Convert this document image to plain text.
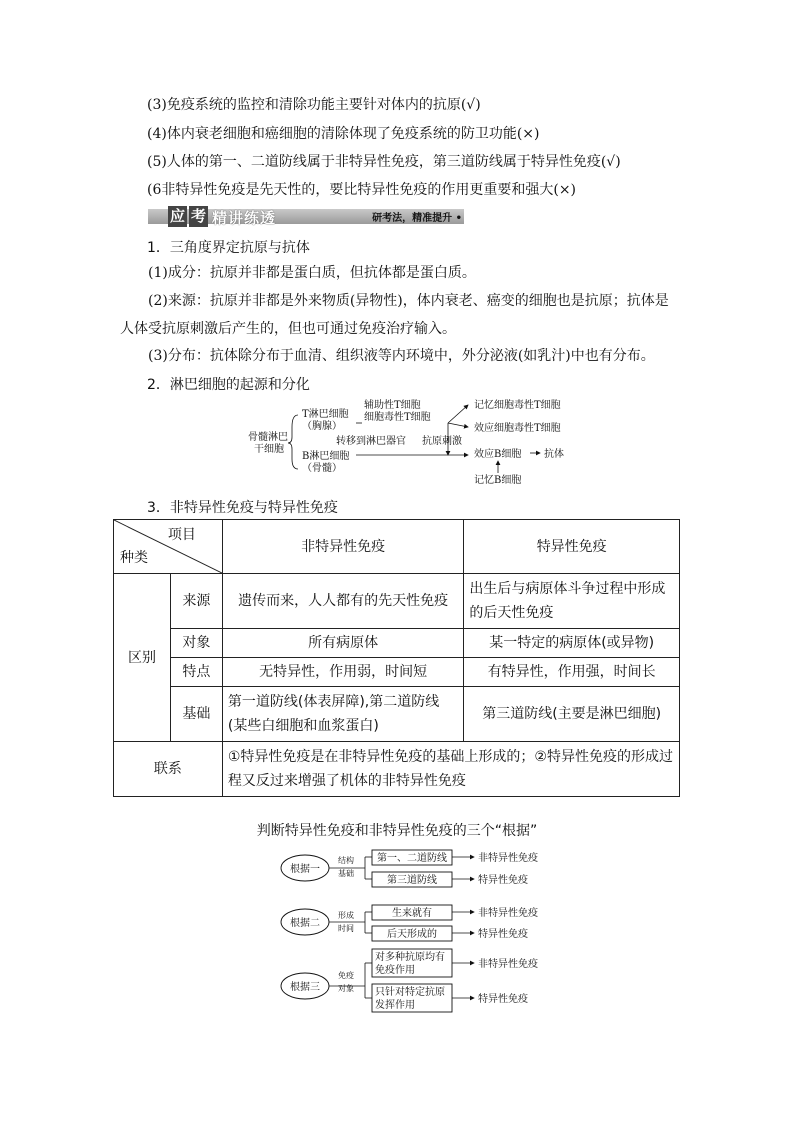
(3)免疫系统的监控和清除功能主要针对体内的抗原(√)
(4)体内衰老细胞和癌细胞的清除体现了免疫系统的防卫功能(×)
(5)人体的第一、二道防线属于非特异性免疫，第三道防线属于特异性免疫(√)
(6非特异性免疫是先天性的，要比特异性免疫的作用更重要和强大(×)
应 考 精讲练透	研考法，精准提升 •
1．三角度界定抗原与抗体
(1)成分：抗原并非都是蛋白质，但抗体都是蛋白质。
(2)来源：抗原并非都是外来物质(异物性)，体内衰老、癌变的细胞也是抗原；抗体是人体受抗原刺激后产生的，但也可通过免疫治疗输入。
(3)分布：抗体除分布于血清、组织液等内环境中，外分泌液(如乳汁)中也有分布。
2．淋巴细胞的起源和分化
骨髓淋巴
干细胞
T淋巴细胞
（胸腺）
B淋巴细胞
（骨髓）
辅助性T细胞
细胞毒性T细胞
转移到淋巴器官 抗原刺激
记忆细胞毒性T细胞
效应细胞毒性T细胞
效应B细胞 抗体
记忆B细胞
3．非特异性免疫与特异性免疫
项目
种类		非特异性免疫	特异性免疫
区别	来源	遗传而来，人人都有的先天性免疫	出生后与病原体斗争过程中形成的后天性免疫
	对象	所有病原体	某一特定的病原体(或异物)
	特点	无特异性，作用弱，时间短	有特异性，作用强，时间长
	基础	第一道防线(体表屏障),第二道防线(某些白细胞和血浆蛋白)	第三道防线(主要是淋巴细胞)
联系		①特异性免疫是在非特异性免疫的基础上形成的；②特异性免疫的形成过程又反过来增强了机体的非特异性免疫	
判断特异性免疫和非特异性免疫的三个“根据”
根据一
根据二
根据三
结构
基础
形成
时间
免疫
对象
第一、二道防线
第三道防线
生来就有
后天形成的
对多种抗原均有
免疫作用
只针对特定抗原
发挥作用
非特异性免疫
特异性免疫
非特异性免疫
特异性免疫
非特异性免疫
特异性免疫
